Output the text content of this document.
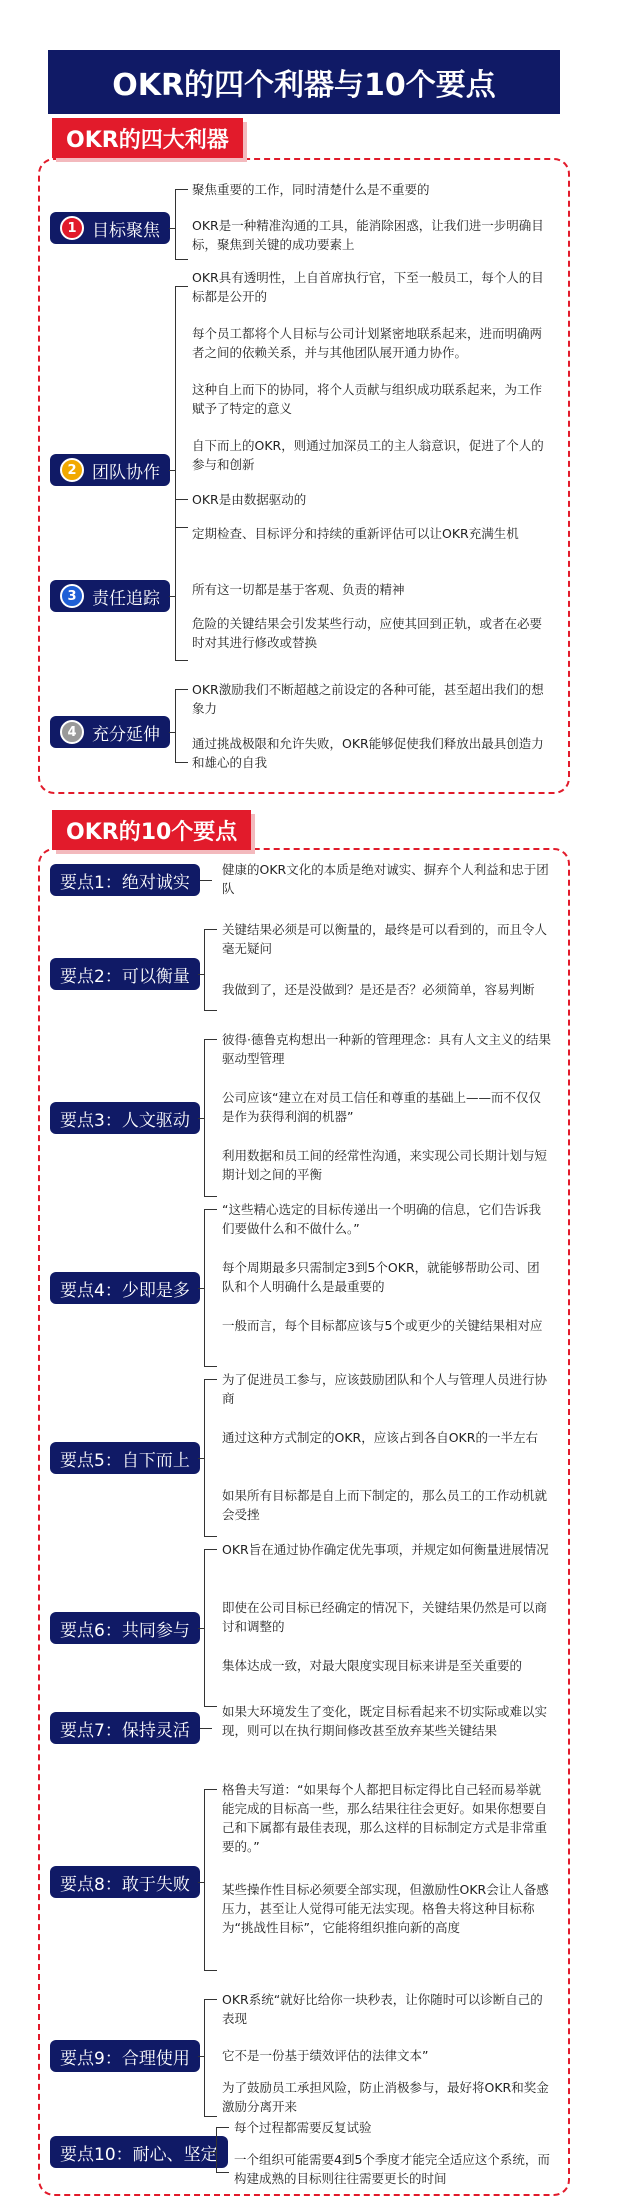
OKR的四个利器与10个要点
OKR的四大利器
1 目标聚焦

聚焦重要的工作，同时清楚什么是不重要的

OKR是一种精准沟通的工具，能消除困惑，让我们进一步明确目标，聚焦到关键的成功要素上

2 团队协作

OKR具有透明性，上自首席执行官，下至一般员工，每个人的目标都是公开的

每个员工都将个人目标与公司计划紧密地联系起来，进而明确两者之间的依赖关系，并与其他团队展开通力协作。

这种自上而下的协同，将个人贡献与组织成功联系起来，为工作赋予了特定的意义

自下而上的OKR，则通过加深员工的主人翁意识，促进了个人的参与和创新

3 责任追踪

OKR是由数据驱动的

定期检查、目标评分和持续的重新评估可以让OKR充满生机

所有这一切都是基于客观、负责的精神

危险的关键结果会引发某些行动，应使其回到正轨，或者在必要时对其进行修改或替换

4 充分延伸

OKR激励我们不断超越之前设定的各种可能，甚至超出我们的想象力

通过挑战极限和允许失败，OKR能够促使我们释放出最具创造力和雄心的自我

OKR的10个要点
要点1：绝对诚实

健康的OKR文化的本质是绝对诚实、摒弃个人利益和忠于团队

要点2：可以衡量

关键结果必须是可以衡量的，最终是可以看到的，而且令人毫无疑问

我做到了，还是没做到？是还是否？必须简单，容易判断

要点3：人文驱动

彼得·德鲁克构想出一种新的管理理念：具有人文主义的结果驱动型管理

公司应该“建立在对员工信任和尊重的基础上——而不仅仅是作为获得利润的机器”

利用数据和员工间的经常性沟通，来实现公司长期计划与短期计划之间的平衡

要点4：少即是多

“这些精心选定的目标传递出一个明确的信息，它们告诉我们要做什么和不做什么。”

每个周期最多只需制定3到5个OKR，就能够帮助公司、团队和个人明确什么是最重要的

一般而言，每个目标都应该与5个或更少的关键结果相对应

要点5：自下而上

为了促进员工参与，应该鼓励团队和个人与管理人员进行协商

通过这种方式制定的OKR，应该占到各自OKR的一半左右

如果所有目标都是自上而下制定的，那么员工的工作动机就会受挫

要点6：共同参与

OKR旨在通过协作确定优先事项，并规定如何衡量进展情况

即使在公司目标已经确定的情况下，关键结果仍然是可以商讨和调整的

集体达成一致，对最大限度实现目标来讲是至关重要的

要点7：保持灵活

如果大环境发生了变化，既定目标看起来不切实际或难以实现，则可以在执行期间修改甚至放弃某些关键结果

要点8：敢于失败

格鲁夫写道：“如果每个人都把目标定得比自己轻而易举就能完成的目标高一些，那么结果往往会更好。如果你想要自己和下属都有最佳表现，那么这样的目标制定方式是非常重要的。”

某些操作性目标必须要全部实现，但激励性OKR会让人备感压力，甚至让人觉得可能无法实现。格鲁夫将这种目标称为“挑战性目标”，它能将组织推向新的高度

要点9：合理使用

OKR系统“就好比给你一块秒表，让你随时可以诊断自己的表现

它不是一份基于绩效评估的法律文本”

为了鼓励员工承担风险，防止消极参与，最好将OKR和奖金激励分离开来

要点10：耐心、坚定

每个过程都需要反复试验

一个组织可能需要4到5个季度才能完全适应这个系统，而构建成熟的目标则往往需要更长的时间
